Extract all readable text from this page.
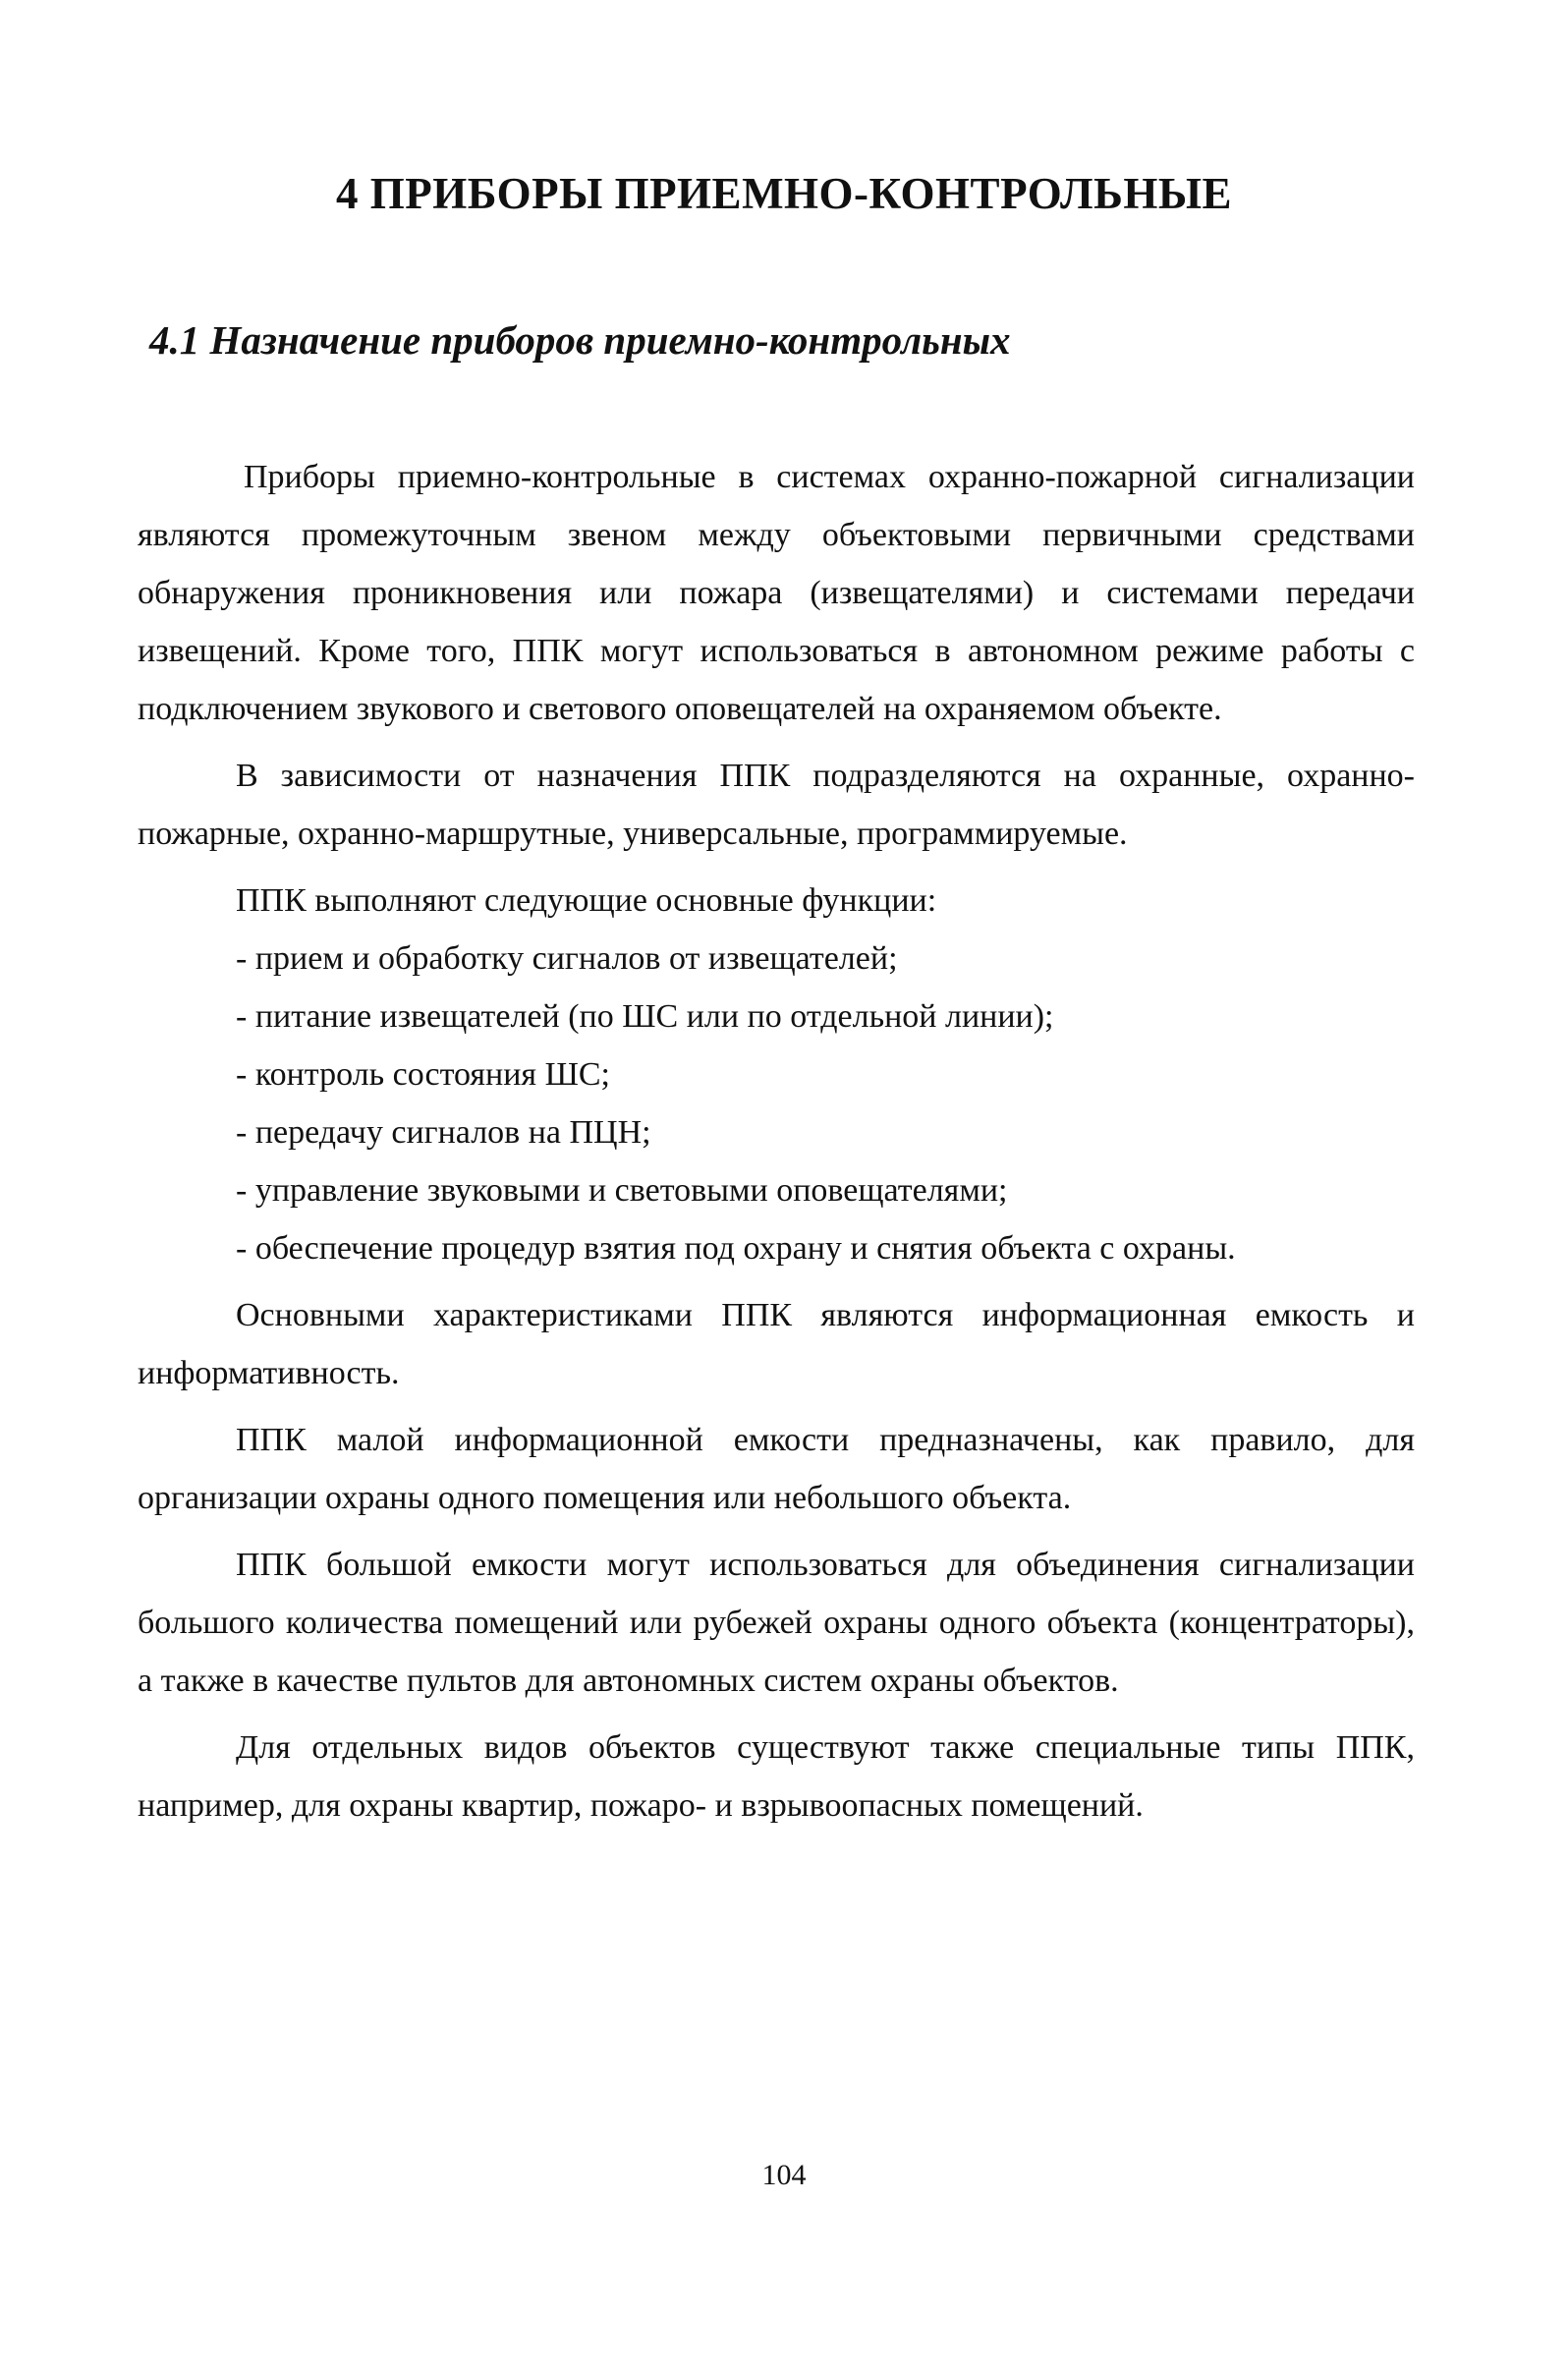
4 ПРИБОРЫ ПРИЕМНО-КОНТРОЛЬНЫЕ
4.1 Назначение приборов приемно-контрольных

Приборы приемно-контрольные в системах охранно-пожарной сигнализации являются промежуточным звеном между объектовыми первичными средствами обнаружения проникновения или пожара (извещателями) и системами передачи извещений. Кроме того, ППК могут использоваться в автономном режиме работы с подключением звукового и светового оповещателей на охраняемом объекте.

В зависимости от назначения ППК подразделяются на охранные, охранно-пожарные, охранно-маршрутные, универсальные, программируемые.

ППК выполняют следующие основные функции:

- прием и обработку сигналов от извещателей;
- питание извещателей (по ШС или по отдельной линии);
- контроль состояния ШС;
- передачу сигналов на ПЦН;
- управление звуковыми и световыми оповещателями;
- обеспечение процедур взятия под охрану и снятия объекта с охраны.

Основными характеристиками ППК являются информационная емкость и информативность.

ППК малой информационной емкости предназначены, как правило, для организации охраны одного помещения или небольшого объекта.

ППК большой емкости могут использоваться для объединения сигнализации большого количества помещений или рубежей охраны одного объекта (концентраторы), а также в качестве пультов для автономных систем охраны объектов.

Для отдельных видов объектов существуют также специальные типы ППК, например, для охраны квартир, пожаро- и взрывоопасных помещений.

104
